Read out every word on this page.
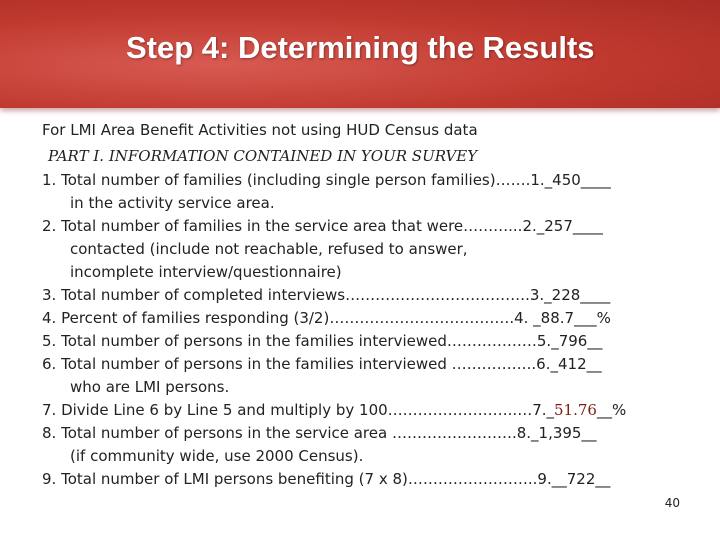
Step 4: Determining the Results
For LMI Area Benefit Activities not using HUD Census data
PART I. INFORMATION CONTAINED IN YOUR SURVEY
1. Total number of families (including single person families)…….1._450____
in the activity service area.
2. Total number of families in the service area that were………...2._257____
contacted (include not reachable, refused to answer,
incomplete interview/questionnaire)
3. Total number of completed interviews……………………………….3._228____
4. Percent of families responding (3/2)……………………………….4. _88.7___%
5. Total number of persons in the families interviewed………………5._796__
6. Total number of persons in the families interviewed ……………..6._412__
who are LMI persons.
7. Divide Line 6 by Line 5 and multiply by 100……………………..…7._51.76__%
8. Total number of persons in the service area …………………….8._1,395__
(if community wide, use 2000 Census).
9. Total number of LMI persons benefiting (7 x 8)……………………..9.__722__
40
